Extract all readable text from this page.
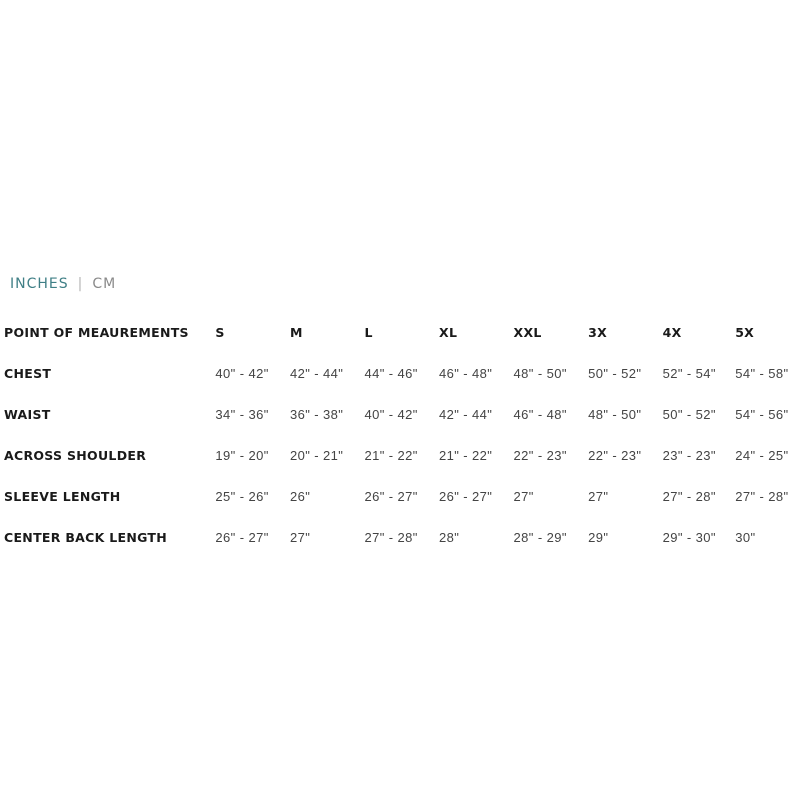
INCHES | CM
POINT OF MEAUREMENTS	S	M	L	XL	XXL	3X	4X	5X
CHEST	40" - 42"	42" - 44"	44" - 46"	46" - 48"	48" - 50"	50" - 52"	52" - 54"	54" - 58"
WAIST	34" - 36"	36" - 38"	40" - 42"	42" - 44"	46" - 48"	48" - 50"	50" - 52"	54" - 56"
ACROSS SHOULDER	19" - 20"	20" - 21"	21" - 22"	21" - 22"	22" - 23"	22" - 23"	23" - 23"	24" - 25"
SLEEVE LENGTH	25" - 26"	26"	26" - 27"	26" - 27"	27"	27"	27" - 28"	27" - 28"
CENTER BACK LENGTH	26" - 27"	27"	27" - 28"	28"	28" - 29"	29"	29" - 30"	30"
